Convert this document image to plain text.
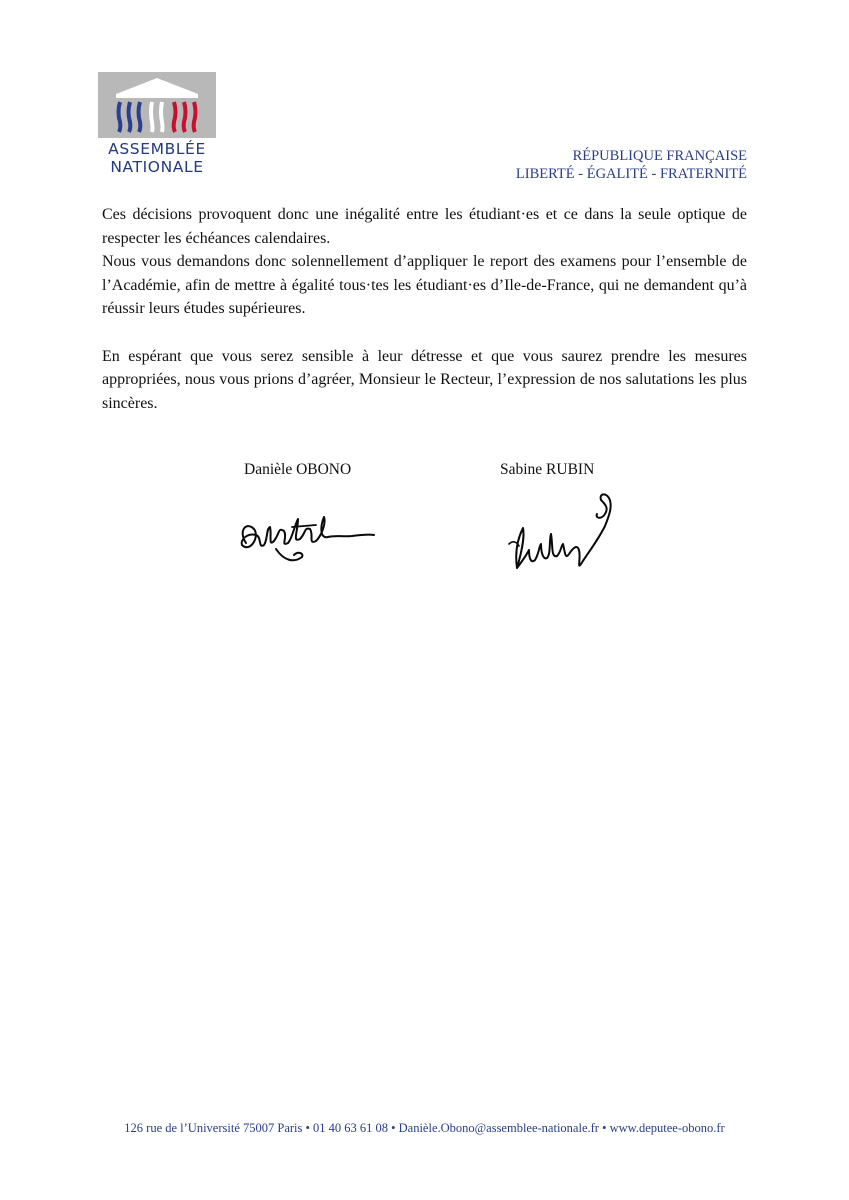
ASSEMBLÉE
NATIONALE
RÉPUBLIQUE FRANÇAISE
LIBERTÉ - ÉGALITÉ - FRATERNITÉ

Ces décisions provoquent donc une inégalité entre les étudiant·es et ce dans la seule optique de respecter les échéances calendaires.

Nous vous demandons donc solennellement d’appliquer le report des examens pour l’ensemble de l’Académie, afin de mettre à égalité tous·tes les étudiant·es d’Ile-de-France, qui ne demandent qu’à réussir leurs études supérieures.

En espérant que vous serez sensible à leur détresse et que vous saurez prendre les mesures appropriées, nous vous prions d’agréer, Monsieur le Recteur, l’expression de nos salutations les plus sincères.

Danièle OBONO	Sabine RUBIN
126 rue de l’Université 75007 Paris • 01 40 63 61 08 • Danièle.Obono@assemblee-nationale.fr • www.deputee-obono.fr
